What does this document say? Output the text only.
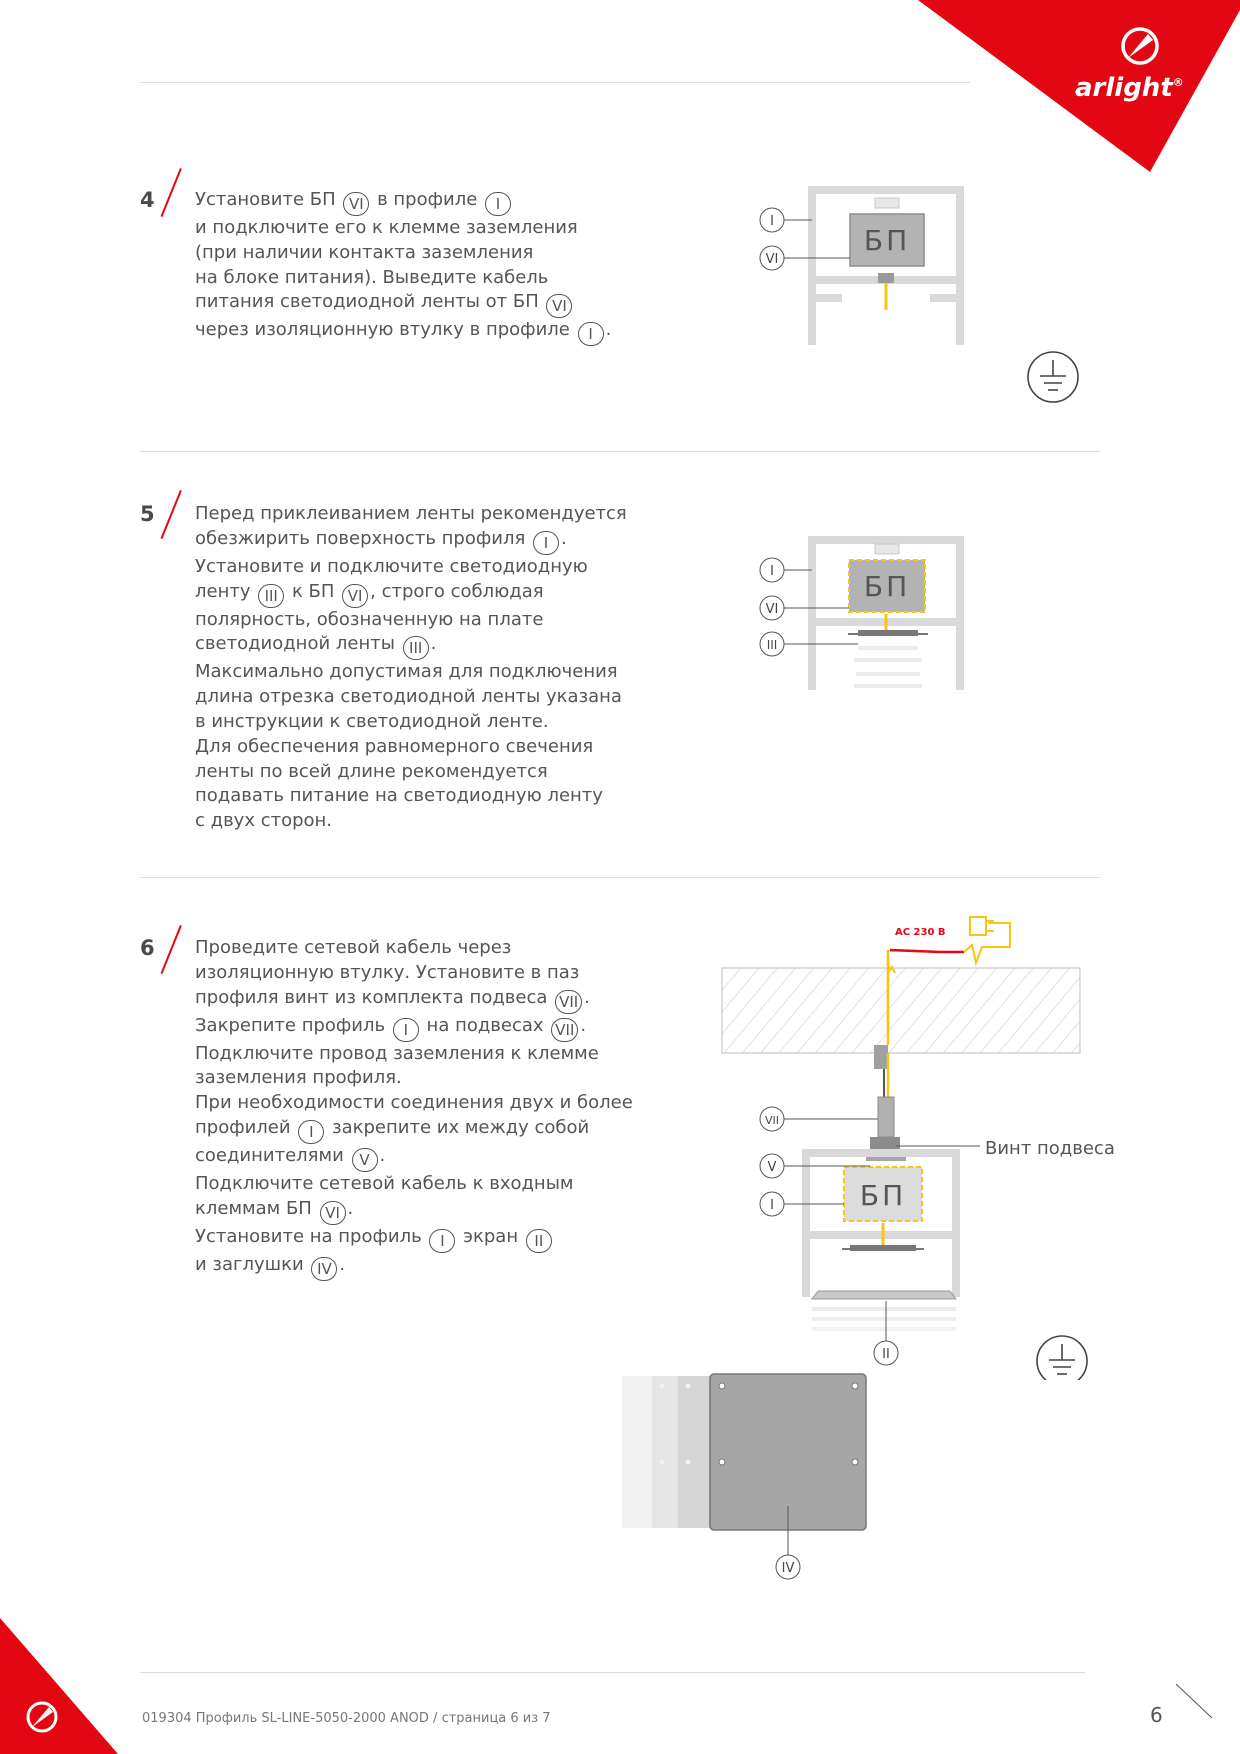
arlight®
4 Установите БП VI в профиле I
и подключите его к клемме заземления
(при наличии контакта заземления
на блоке питания). Выведите кабель
питания светодиодной ленты от БП VI
через изоляционную втулку в профиле I .
5 Перед приклеиванием ленты рекомендуется
обезжирить поверхность профиля I .
Установите и подключите светодиодную
ленту III к БП VI , строго соблюдая
полярность, обозначенную на плате
светодиодной ленты III .
Максимально допустимая для подключения
длина отрезка светодиодной ленты указана
в инструкции к светодиодной ленте.
Для обеспечения равномерного свечения
ленты по всей длине рекомендуется
подавать питание на светодиодную ленту
с двух сторон.
6 Проведите сетевой кабель через
изоляционную втулку. Установите в паз
профиля винт из комплекта подвеса VII .
Закрепите профиль I на подвесах VII .
Подключите провод заземления к клемме
заземления профиля.
При необходимости соединения двух и более
профилей I закрепите их между собой
соединителями V .
Подключите сетевой кабель к входным
клеммам БП VI .
Установите на профиль I экран II
и заглушки IV .
БП
I
VI
БП
I
VI
III
AC 230 В
БП
VII
V
I
II
Винт подвеса
IV
019304 Профиль SL-LINE-5050-2000 ANOD / страница 6 из 7	6
